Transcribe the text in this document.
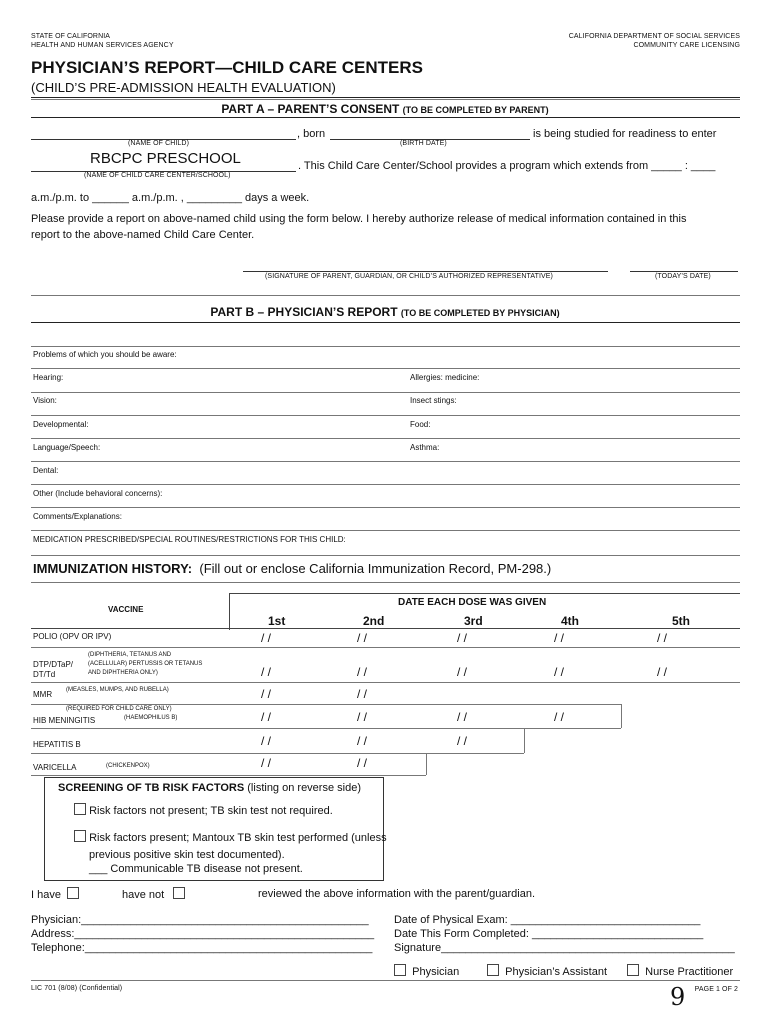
STATE OF CALIFORNIA
HEALTH AND HUMAN SERVICES AGENCY
CALIFORNIA DEPARTMENT OF SOCIAL SERVICES
COMMUNITY CARE LICENSING
PHYSICIAN’S REPORT—CHILD CARE CENTERS
(CHILD’S PRE-ADMISSION HEALTH EVALUATION)
PART A – PARENT’S CONSENT (TO BE COMPLETED BY PARENT)
, born	is being studied for readiness to enter
(NAME OF CHILD)	(BIRTH DATE)
RBCPC PRESCHOOL	. This Child Care Center/School provides a program which extends from _____ : ____
(NAME OF CHILD CARE CENTER/SCHOOL)
a.m./p.m. to ______ a.m./p.m. , _________ days a week.
Please provide a report on above-named child using the form below. I hereby authorize release of medical information contained in this
report to the above-named Child Care Center.
(SIGNATURE OF PARENT, GUARDIAN, OR CHILD’S AUTHORIZED REPRESENTATIVE)	(TODAY’S DATE)
PART B – PHYSICIAN’S REPORT (TO BE COMPLETED BY PHYSICIAN)
Problems of which you should be aware:
Hearing:	Allergies: medicine:
Vision:	Insect stings:
Developmental:	Food:
Language/Speech:	Asthma:
Dental:
Other (Include behavioral concerns):
Comments/Explanations:
MEDICATION PRESCRIBED/SPECIAL ROUTINES/RESTRICTIONS FOR THIS CHILD:
IMMUNIZATION HISTORY: (Fill out or enclose California Immunization Record, PM-298.)
VACCINE
DATE EACH DOSE WAS GIVEN
1st	2nd	3rd	4th	5th
POLIO (OPV OR IPV)	/ /	/ /	/ /	/ /	/ /
DTP/DTaP/
DT/Td
(DIPHTHERIA, TETANUS AND
(ACELLULAR) PERTUSSIS OR TETANUS
AND DIPHTHERIA ONLY)	/ /	/ /	/ /	/ /	/ /
MMR (MEASLES, MUMPS, AND RUBELLA)	/ /	/ /
(REQUIRED FOR CHILD CARE ONLY)
HIB MENINGITIS	(HAEMOPHILUS B)	/ /	/ /	/ /	/ /
HEPATITIS B	/ /	/ /	/ /
VARICELLA	(CHICKENPOX)	/ /	/ /
SCREENING OF TB RISK FACTORS (listing on reverse side)
Risk factors not present; TB skin test not required.
Risk factors present; Mantoux TB skin test performed (unless
previous positive skin test documented).
___ Communicable TB disease not present.
I have	have not	reviewed the above information with the parent/guardian.
Physician:_______________________________________________
Address:_________________________________________________
Telephone:_______________________________________________
Date of Physical Exam: _______________________________
Date This Form Completed: ____________________________
Signature________________________________________________
Physician	Physician’s Assistant	Nurse Practitioner
LIC 701 (8/08) (Confidential)	9 PAGE 1 OF 2
